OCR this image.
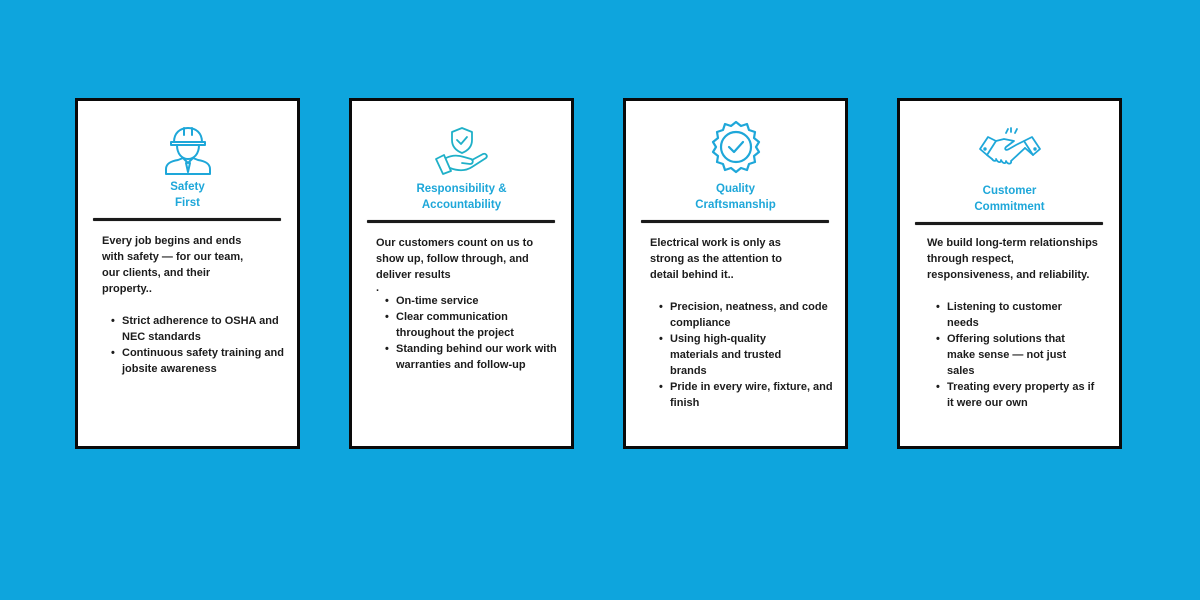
Safety
First

Every job begins and ends with safety — for our team, our clients, and their property..

• Strict adherence to OSHA and NEC standards
• Continuous safety training and jobsite awareness
Responsibility &
Accountability

Our customers count on us to show up, follow through, and deliver results

.

• On-time service
• Clear communication throughout the project
• Standing behind our work with warranties and follow-up
Quality
Craftsmanship

Electrical work is only as strong as the attention to detail behind it..

• Precision, neatness, and code compliance
• Using high-quality materials and trusted brands
• Pride in every wire, fixture, and finish
Customer
Commitment

We build long-term relationships through respect, responsiveness, and reliability.

• Listening to customer needs
• Offering solutions that make sense — not just sales
• Treating every property as if it were our own
